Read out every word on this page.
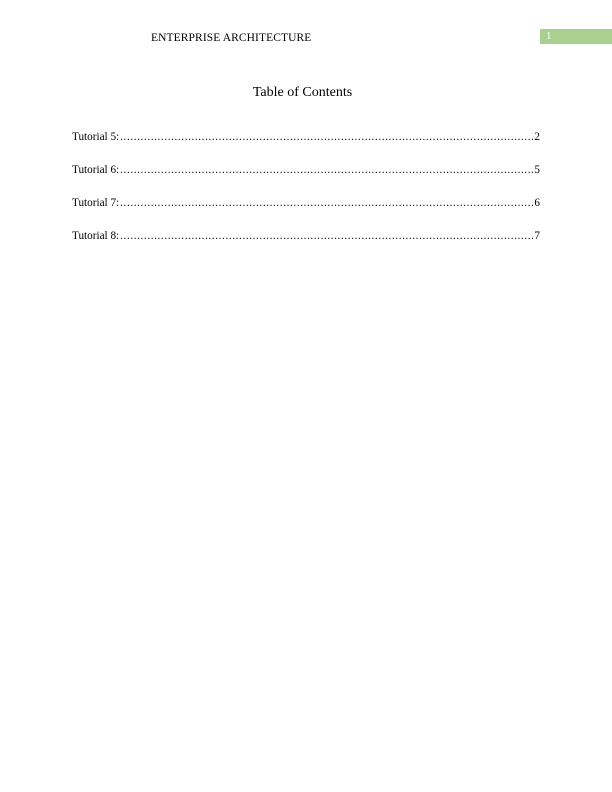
ENTERPRISE ARCHITECTURE	1
Table of Contents
Tutorial 5: .....	2
Tutorial 6: .....	5
Tutorial 7: .....	6
Tutorial 8: .....	7
